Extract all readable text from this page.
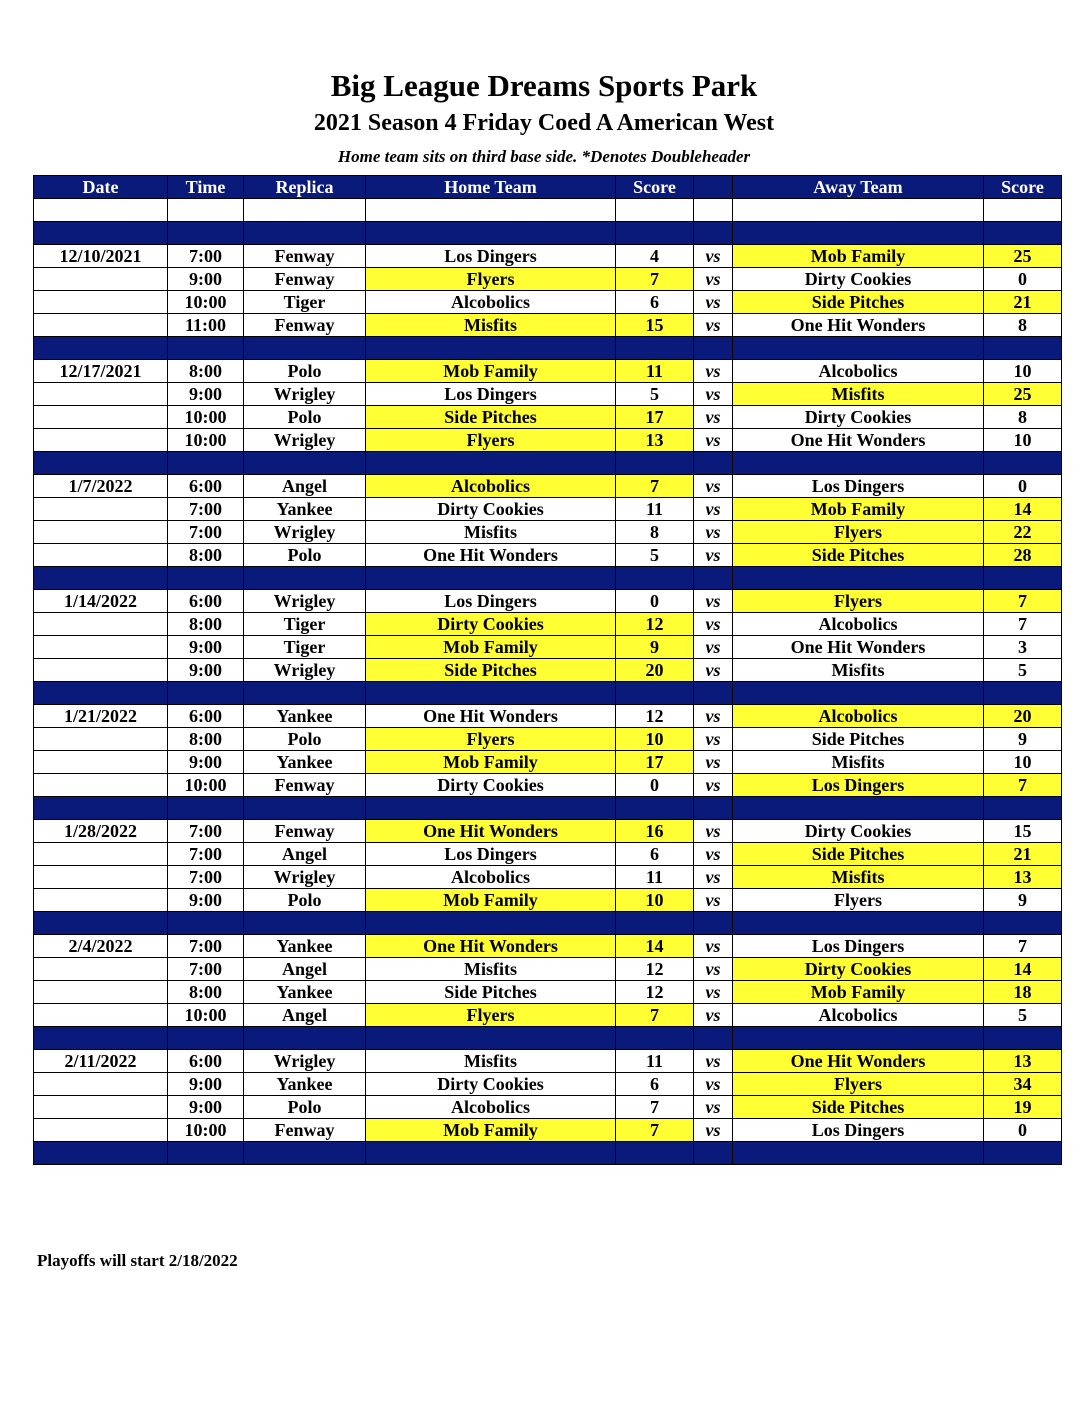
Big League Dreams Sports Park
2021 Season 4 Friday Coed A American West
Home team sits on third base side. *Denotes Doubleheader
Date	Time	Replica	Home Team	Score		Away Team	Score

12/10/2021	7:00	Fenway	Los Dingers	4	vs	Mob Family	25
	9:00	Fenway	Flyers	7	vs	Dirty Cookies	0
	10:00	Tiger	Alcobolics	6	vs	Side Pitches	21
	11:00	Fenway	Misfits	15	vs	One Hit Wonders	8

12/17/2021	8:00	Polo	Mob Family	11	vs	Alcobolics	10
	9:00	Wrigley	Los Dingers	5	vs	Misfits	25
	10:00	Polo	Side Pitches	17	vs	Dirty Cookies	8
	10:00	Wrigley	Flyers	13	vs	One Hit Wonders	10

1/7/2022	6:00	Angel	Alcobolics	7	vs	Los Dingers	0
	7:00	Yankee	Dirty Cookies	11	vs	Mob Family	14
	7:00	Wrigley	Misfits	8	vs	Flyers	22
	8:00	Polo	One Hit Wonders	5	vs	Side Pitches	28

1/14/2022	6:00	Wrigley	Los Dingers	0	vs	Flyers	7
	8:00	Tiger	Dirty Cookies	12	vs	Alcobolics	7
	9:00	Tiger	Mob Family	9	vs	One Hit Wonders	3
	9:00	Wrigley	Side Pitches	20	vs	Misfits	5

1/21/2022	6:00	Yankee	One Hit Wonders	12	vs	Alcobolics	20
	8:00	Polo	Flyers	10	vs	Side Pitches	9
	9:00	Yankee	Mob Family	17	vs	Misfits	10
	10:00	Fenway	Dirty Cookies	0	vs	Los Dingers	7

1/28/2022	7:00	Fenway	One Hit Wonders	16	vs	Dirty Cookies	15
	7:00	Angel	Los Dingers	6	vs	Side Pitches	21
	7:00	Wrigley	Alcobolics	11	vs	Misfits	13
	9:00	Polo	Mob Family	10	vs	Flyers	9

2/4/2022	7:00	Yankee	One Hit Wonders	14	vs	Los Dingers	7
	7:00	Angel	Misfits	12	vs	Dirty Cookies	14
	8:00	Yankee	Side Pitches	12	vs	Mob Family	18
	10:00	Angel	Flyers	7	vs	Alcobolics	5

2/11/2022	6:00	Wrigley	Misfits	11	vs	One Hit Wonders	13
	9:00	Yankee	Dirty Cookies	6	vs	Flyers	34
	9:00	Polo	Alcobolics	7	vs	Side Pitches	19
	10:00	Fenway	Mob Family	7	vs	Los Dingers	0

Playoffs will start 2/18/2022
